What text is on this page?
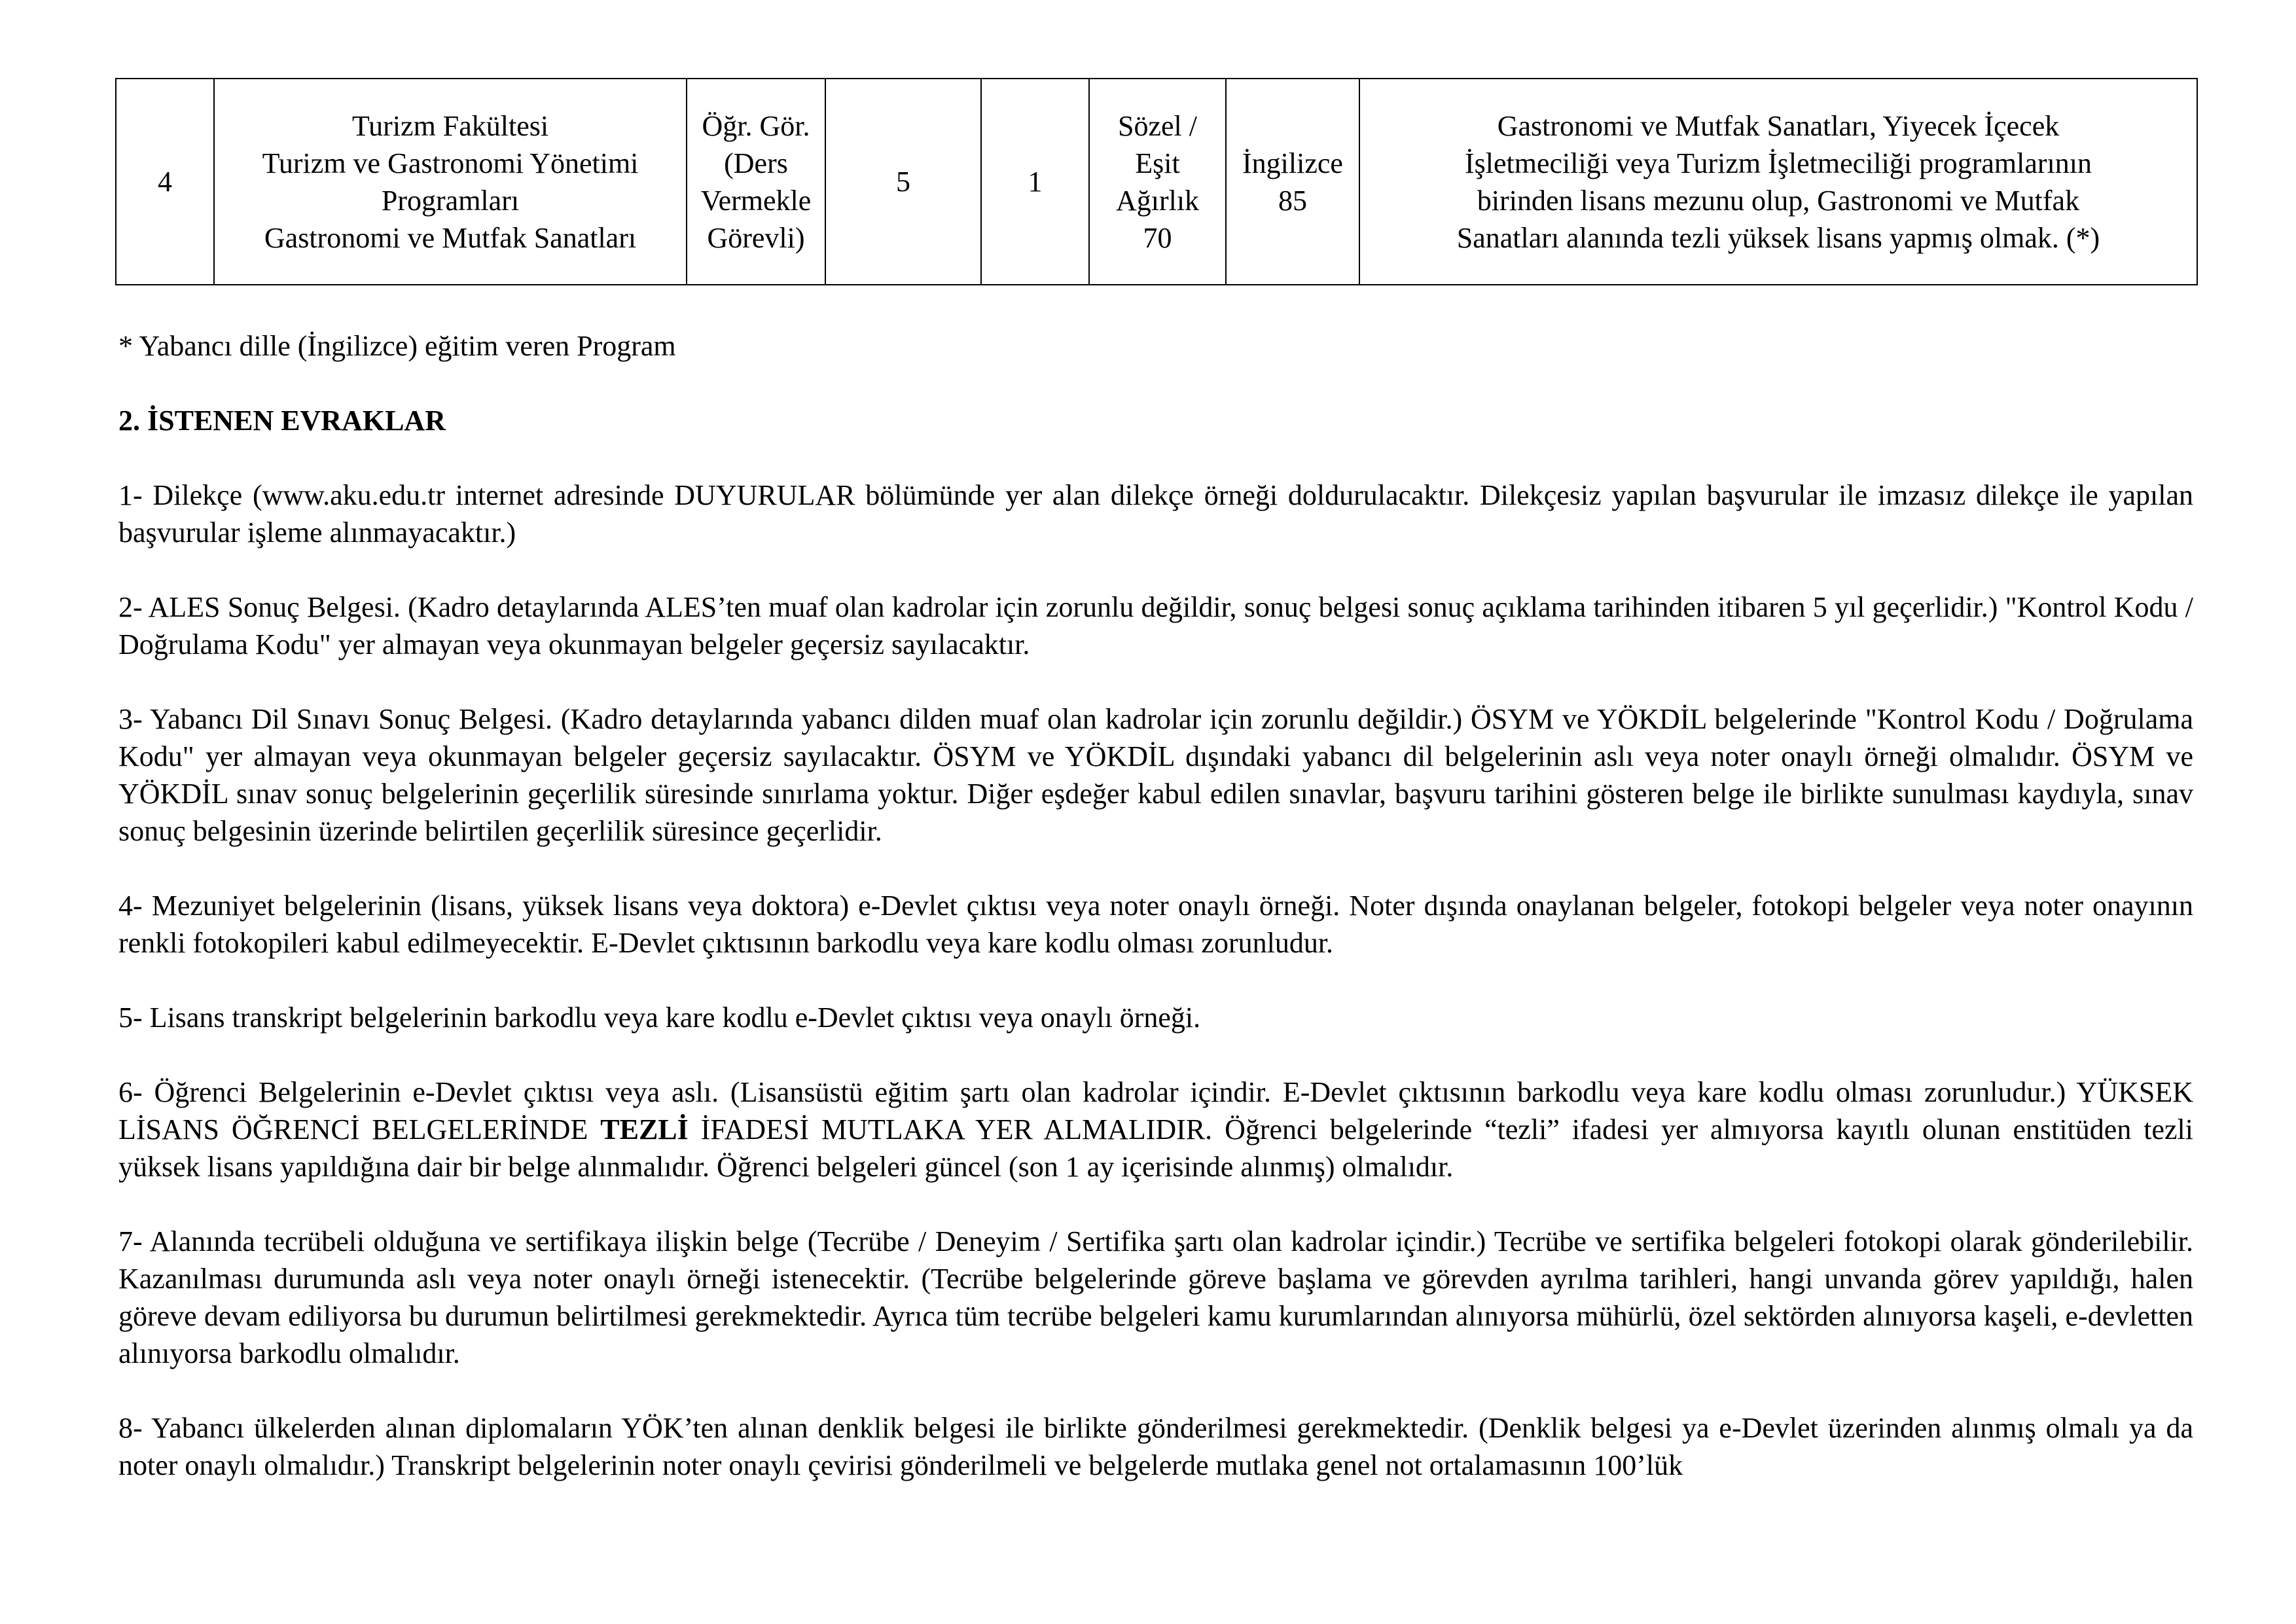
4	Turizm Fakültesi
Turizm ve Gastronomi Yönetimi
Programları
Gastronomi ve Mutfak Sanatları	Öğr. Gör.
(Ders
Vermekle
Görevli)	5	1	Sözel /
Eşit
Ağırlık
70	İngilizce
85	Gastronomi ve Mutfak Sanatları, Yiyecek İçecek
İşletmeciliği veya Turizm İşletmeciliği programlarının
birinden lisans mezunu olup, Gastronomi ve Mutfak
Sanatları alanında tezli yüksek lisans yapmış olmak. (*)
* Yabancı dille (İngilizce) eğitim veren Program
2. İSTENEN EVRAKLAR

1- Dilekçe (www.aku.edu.tr internet adresinde DUYURULAR bölümünde yer alan dilekçe örneği doldurulacaktır. Dilekçesiz yapılan başvurular ile imzasız dilekçe ile yapılan başvurular işleme alınmayacaktır.)

2- ALES Sonuç Belgesi. (Kadro detaylarında ALES’ten muaf olan kadrolar için zorunlu değildir, sonuç belgesi sonuç açıklama tarihinden itibaren 5 yıl geçerlidir.) "Kontrol Kodu / Doğrulama Kodu" yer almayan veya okunmayan belgeler geçersiz sayılacaktır.

3- Yabancı Dil Sınavı Sonuç Belgesi. (Kadro detaylarında yabancı dilden muaf olan kadrolar için zorunlu değildir.) ÖSYM ve YÖKDİL belgelerinde "Kontrol Kodu / Doğrulama Kodu" yer almayan veya okunmayan belgeler geçersiz sayılacaktır. ÖSYM ve YÖKDİL dışındaki yabancı dil belgelerinin aslı veya noter onaylı örneği olmalıdır. ÖSYM ve YÖKDİL sınav sonuç belgelerinin geçerlilik süresinde sınırlama yoktur. Diğer eşdeğer kabul edilen sınavlar, başvuru tarihini gösteren belge ile birlikte sunulması kaydıyla, sınav sonuç belgesinin üzerinde belirtilen geçerlilik süresince geçerlidir.

4- Mezuniyet belgelerinin (lisans, yüksek lisans veya doktora) e-Devlet çıktısı veya noter onaylı örneği. Noter dışında onaylanan belgeler, fotokopi belgeler veya noter onayının renkli fotokopileri kabul edilmeyecektir. E-Devlet çıktısının barkodlu veya kare kodlu olması zorunludur.

5- Lisans transkript belgelerinin barkodlu veya kare kodlu e-Devlet çıktısı veya onaylı örneği.

6- Öğrenci Belgelerinin e-Devlet çıktısı veya aslı. (Lisansüstü eğitim şartı olan kadrolar içindir. E-Devlet çıktısının barkodlu veya kare kodlu olması zorunludur.) YÜKSEK LİSANS ÖĞRENCİ BELGELERİNDE TEZLİ İFADESİ MUTLAKA YER ALMALIDIR. Öğrenci belgelerinde “tezli” ifadesi yer almıyorsa kayıtlı olunan enstitüden tezli yüksek lisans yapıldığına dair bir belge alınmalıdır. Öğrenci belgeleri güncel (son 1 ay içerisinde alınmış) olmalıdır.

7- Alanında tecrübeli olduğuna ve sertifikaya ilişkin belge (Tecrübe / Deneyim / Sertifika şartı olan kadrolar içindir.) Tecrübe ve sertifika belgeleri fotokopi olarak gönderilebilir. Kazanılması durumunda aslı veya noter onaylı örneği istenecektir. (Tecrübe belgelerinde göreve başlama ve görevden ayrılma tarihleri, hangi unvanda görev yapıldığı, halen göreve devam ediliyorsa bu durumun belirtilmesi gerekmektedir. Ayrıca tüm tecrübe belgeleri kamu kurumlarından alınıyorsa mühürlü, özel sektörden alınıyorsa kaşeli, e-devletten alınıyorsa barkodlu olmalıdır.

8- Yabancı ülkelerden alınan diplomaların YÖK’ten alınan denklik belgesi ile birlikte gönderilmesi gerekmektedir. (Denklik belgesi ya e-Devlet üzerinden alınmış olmalı ya da noter onaylı olmalıdır.) Transkript belgelerinin noter onaylı çevirisi gönderilmeli ve belgelerde mutlaka genel not ortalamasının 100’lük
